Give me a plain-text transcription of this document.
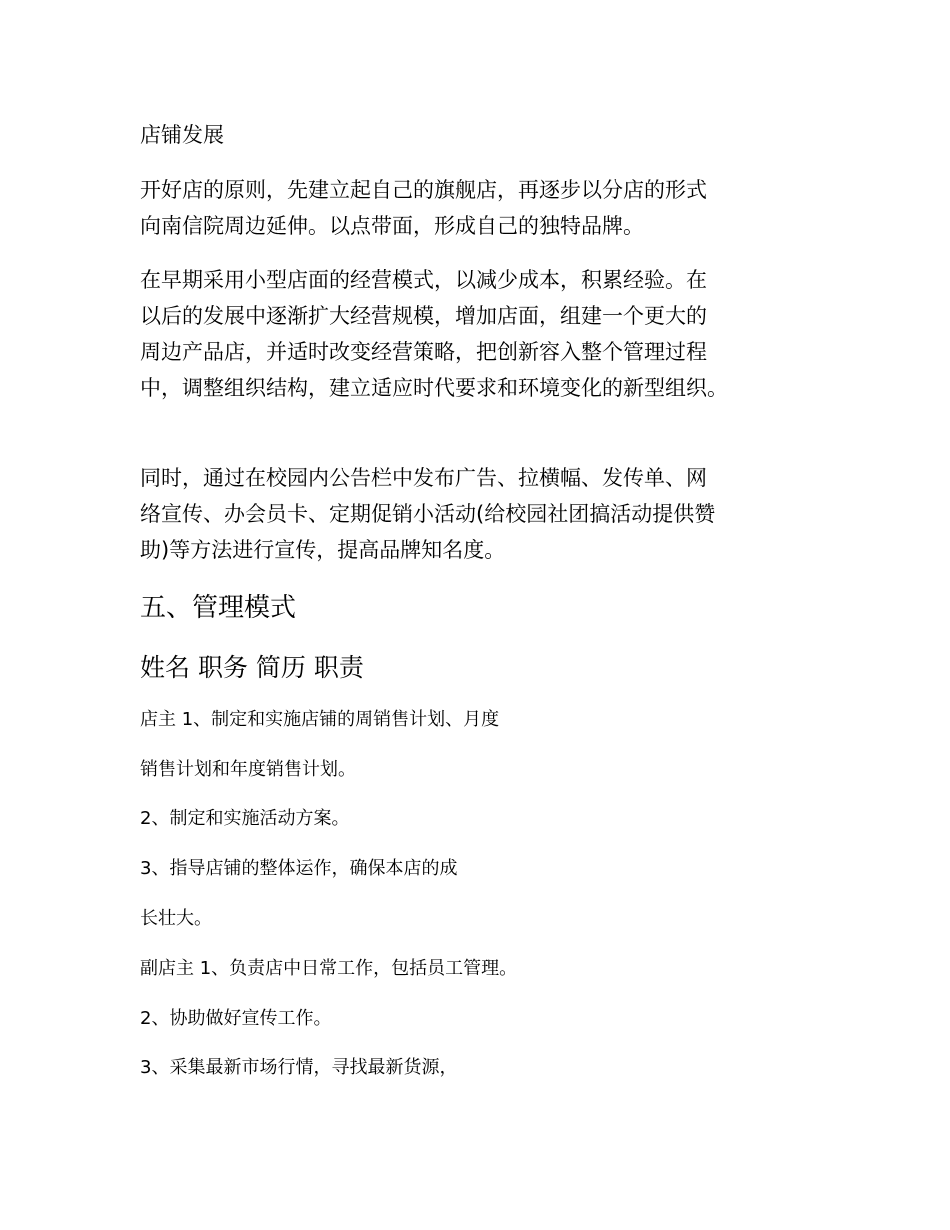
店铺发展

开好店的原则，先建立起自己的旗舰店，再逐步以分店的形式
向南信院周边延伸。以点带面，形成自己的独特品牌。

在早期采用小型店面的经营模式，以减少成本，积累经验。在
以后的发展中逐渐扩大经营规模，增加店面，组建一个更大的
周边产品店，并适时改变经营策略，把创新容入整个管理过程
中，调整组织结构，建立适应时代要求和环境变化的新型组织。

同时，通过在校园内公告栏中发布广告、拉横幅、发传单、网
络宣传、办会员卡、定期促销小活动(给校园社团搞活动提供赞
助)等方法进行宣传，提高品牌知名度。

五、管理模式
姓名 职务 简历 职责

店主 1、制定和实施店铺的周销售计划、月度

销售计划和年度销售计划。

2、制定和实施活动方案。

3、指导店铺的整体运作，确保本店的成

长壮大。

副店主 1、负责店中日常工作，包括员工管理。

2、协助做好宣传工作。

3、采集最新市场行情，寻找最新货源，
